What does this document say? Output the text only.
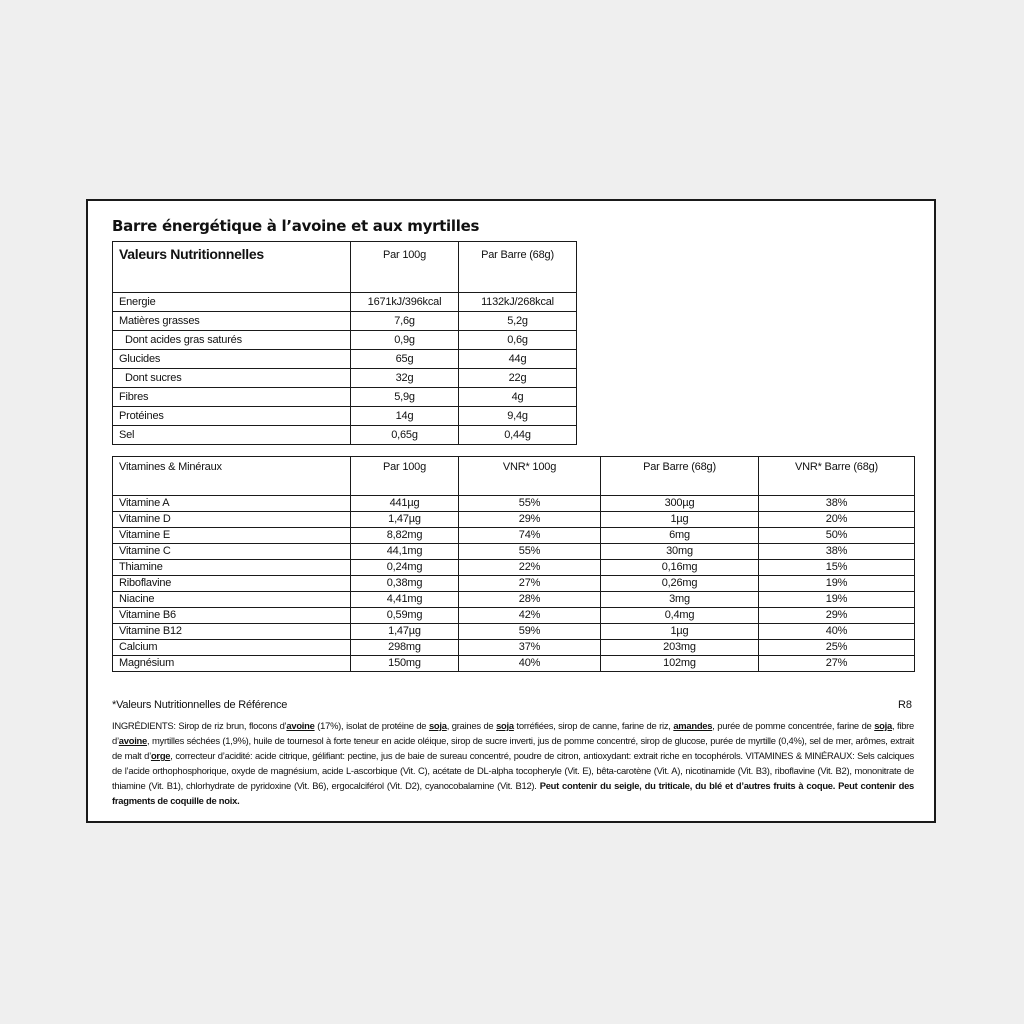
Barre énergétique à l’avoine et aux myrtilles
Valeurs Nutritionnelles	Par 100g	Par Barre (68g)
Energie	1671kJ/396kcal	1132kJ/268kcal
Matières grasses	7,6g	5,2g
Dont acides gras saturés	0,9g	0,6g
Glucides	65g	44g
Dont sucres	32g	22g
Fibres	5,9g	4g
Protéines	14g	9,4g
Sel	0,65g	0,44g
Vitamines & Minéraux	Par 100g	VNR* 100g	Par Barre (68g)	VNR* Barre (68g)
Vitamine A	441µg	55%	300µg	38%
Vitamine D	1,47µg	29%	1µg	20%
Vitamine E	8,82mg	74%	6mg	50%
Vitamine C	44,1mg	55%	30mg	38%
Thiamine	0,24mg	22%	0,16mg	15%
Riboflavine	0,38mg	27%	0,26mg	19%
Niacine	4,41mg	28%	3mg	19%
Vitamine B6	0,59mg	42%	0,4mg	29%
Vitamine B12	1,47µg	59%	1µg	40%
Calcium	298mg	37%	203mg	25%
Magnésium	150mg	40%	102mg	27%
*Valeurs Nutritionnelles de Référence	R8
INGRÉDIENTS: Sirop de riz brun, flocons d’avoine (17%), isolat de protéine de soja, graines de soja torréfiées, sirop de canne, farine de riz, amandes, purée de pomme concentrée, farine de soja, fibre d’avoine, myrtilles séchées (1,9%), huile de tournesol à forte teneur en acide oléique, sirop de sucre inverti, jus de pomme concentré, sirop de glucose, purée de myrtille (0,4%), sel de mer, arômes, extrait de malt d’orge, correcteur d’acidité: acide citrique, gélifiant: pectine, jus de baie de sureau concentré, poudre de citron, antioxydant: extrait riche en tocophérols. VITAMINES & MINÉRAUX: Sels calciques de l’acide orthophosphorique, oxyde de magnésium, acide L-ascorbique (Vit. C), acétate de DL-alpha tocopheryle (Vit. E), bêta-carotène (Vit. A), nicotinamide (Vit. B3), riboflavine (Vit. B2), mononitrate de thiamine (Vit. B1), chlorhydrate de pyridoxine (Vit. B6), ergocalciférol (Vit. D2), cyanocobalamine (Vit. B12). Peut contenir du seigle, du triticale, du blé et d’autres fruits à coque. Peut contenir des fragments de coquille de noix.
